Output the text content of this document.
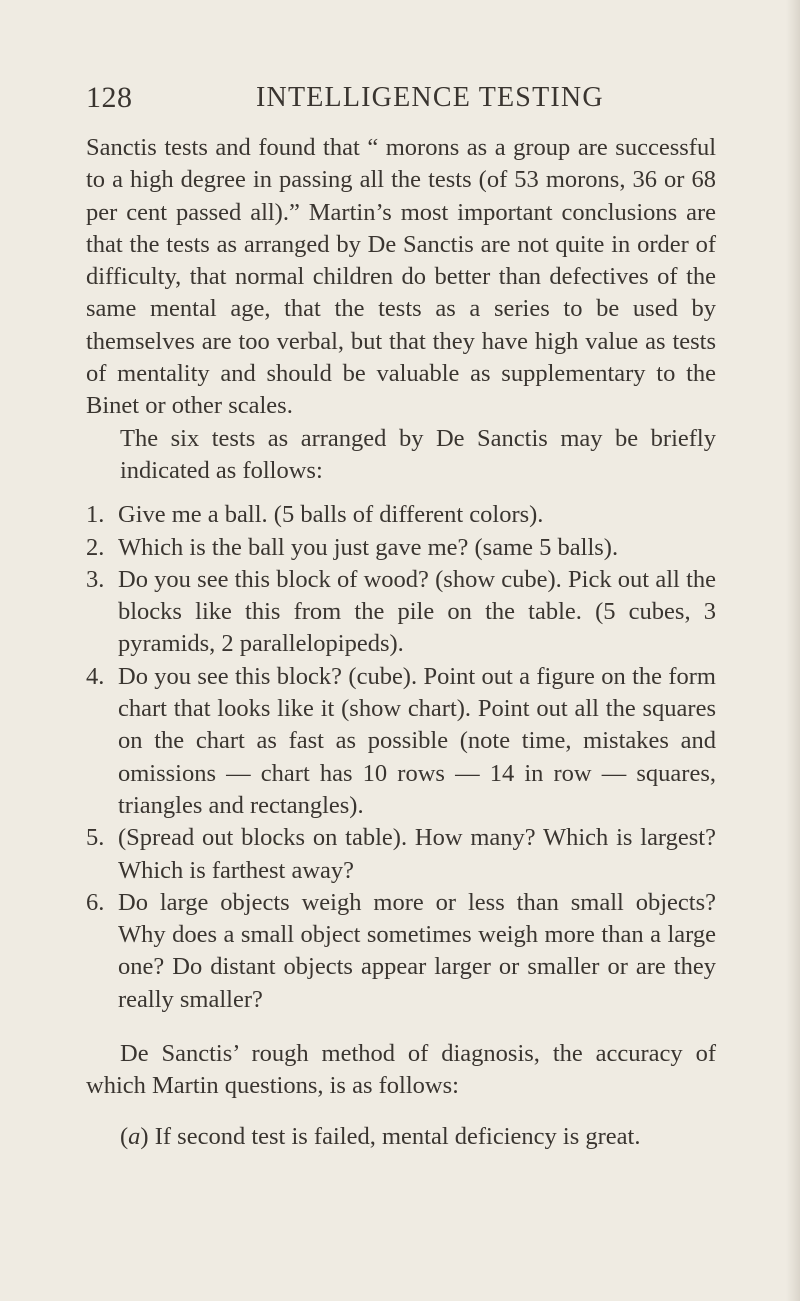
128	INTELLIGENCE TESTING

Sanctis tests and found that “ morons as a group are successful to a high degree in passing all the tests (of 53 morons, 36 or 68 per cent passed all).” Martin’s most important conclusions are that the tests as arranged by De Sanctis are not quite in order of difficulty, that normal children do better than defectives of the same mental age, that the tests as a series to be used by themselves are too verbal, but that they have high value as tests of mentality and should be valuable as supplementary to the Binet or other scales.

The six tests as arranged by De Sanctis may be briefly indicated as follows:

1. Give me a ball. (5 balls of different colors).
2. Which is the ball you just gave me? (same 5 balls).
3. Do you see this block of wood? (show cube). Pick out all the blocks like this from the pile on the table. (5 cubes, 3 pyramids, 2 parallelopipeds).
4. Do you see this block? (cube). Point out a figure on the form chart that looks like it (show chart). Point out all the squares on the chart as fast as possible (note time, mistakes and omissions — chart has 10 rows — 14 in row — squares, triangles and rectangles).
5. (Spread out blocks on table). How many? Which is largest? Which is farthest away?
6. Do large objects weigh more or less than small objects? Why does a small object sometimes weigh more than a large one? Do distant objects appear larger or smaller or are they really smaller?

De Sanctis’ rough method of diagnosis, the accuracy of which Martin questions, is as follows:

(a) If second test is failed, mental deficiency is great.
